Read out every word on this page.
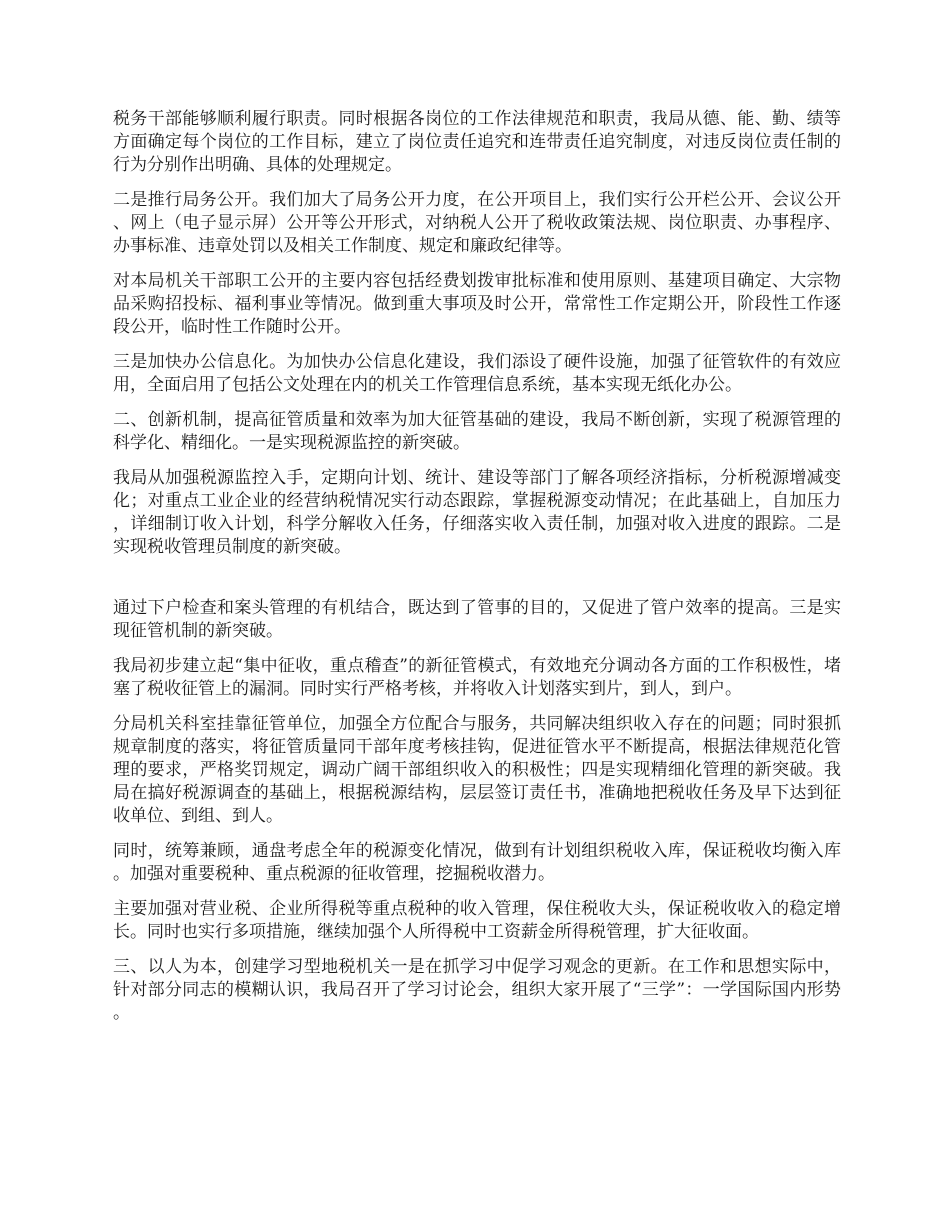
税务干部能够顺利履行职责。同时根据各岗位的工作法律规范和职责，我局从德、能、勤、绩等方面确定每个岗位的工作目标，建立了岗位责任追究和连带责任追究制度，对违反岗位责任制的行为分别作出明确、具体的处理规定。

二是推行局务公开。我们加大了局务公开力度，在公开项目上，我们实行公开栏公开、会议公开、网上（电子显示屏）公开等公开形式，对纳税人公开了税收政策法规、岗位职责、办事程序、办事标准、违章处罚以及相关工作制度、规定和廉政纪律等。

对本局机关干部职工公开的主要内容包括经费划拨审批标准和使用原则、基建项目确定、大宗物品采购招投标、福利事业等情况。做到重大事项及时公开，常常性工作定期公开，阶段性工作逐段公开，临时性工作随时公开。

三是加快办公信息化。为加快办公信息化建设，我们添设了硬件设施，加强了征管软件的有效应用，全面启用了包括公文处理在内的机关工作管理信息系统，基本实现无纸化办公。

二、创新机制，提高征管质量和效率为加大征管基础的建设，我局不断创新，实现了税源管理的科学化、精细化。一是实现税源监控的新突破。

我局从加强税源监控入手，定期向计划、统计、建设等部门了解各项经济指标，分析税源增减变化；对重点工业企业的经营纳税情况实行动态跟踪，掌握税源变动情况；在此基础上，自加压力，详细制订收入计划，科学分解收入任务，仔细落实收入责任制，加强对收入进度的跟踪。二是实现税收管理员制度的新突破。

通过下户检查和案头管理的有机结合，既达到了管事的目的，又促进了管户效率的提高。三是实现征管机制的新突破。

我局初步建立起“集中征收，重点稽查”的新征管模式，有效地充分调动各方面的工作积极性，堵塞了税收征管上的漏洞。同时实行严格考核，并将收入计划落实到片，到人，到户。

分局机关科室挂靠征管单位，加强全方位配合与服务，共同解决组织收入存在的问题；同时狠抓规章制度的落实，将征管质量同干部年度考核挂钩，促进征管水平不断提高，根据法律规范化管理的要求，严格奖罚规定，调动广阔干部组织收入的积极性；四是实现精细化管理的新突破。我局在搞好税源调查的基础上，根据税源结构，层层签订责任书，准确地把税收任务及早下达到征收单位、到组、到人。

同时，统筹兼顾，通盘考虑全年的税源变化情况，做到有计划组织税收入库，保证税收均衡入库。加强对重要税种、重点税源的征收管理，挖掘税收潜力。

主要加强对营业税、企业所得税等重点税种的收入管理，保住税收大头，保证税收收入的稳定增长。同时也实行多项措施，继续加强个人所得税中工资薪金所得税管理，扩大征收面。

三、以人为本，创建学习型地税机关一是在抓学习中促学习观念的更新。在工作和思想实际中，针对部分同志的模糊认识，我局召开了学习讨论会，组织大家开展了“三学”：一学国际国内形势。
